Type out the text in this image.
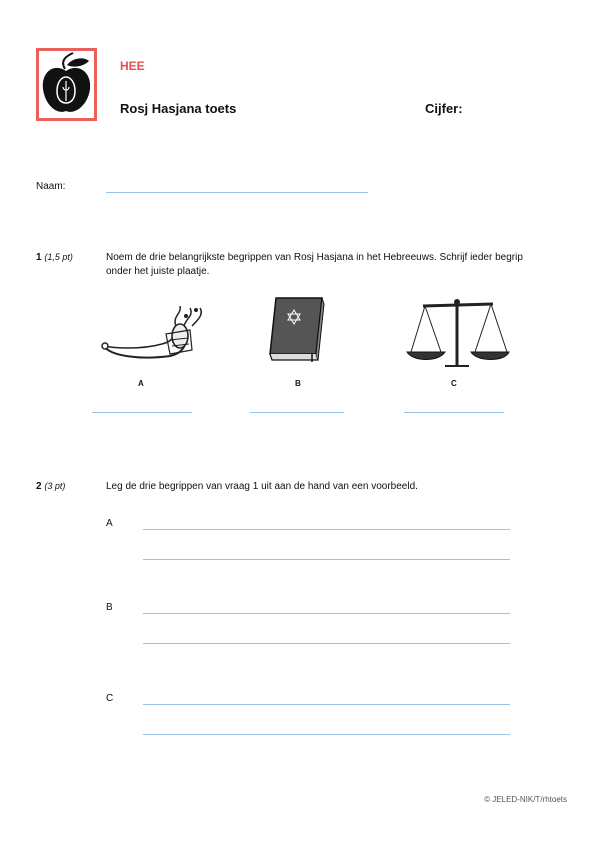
HEE
Rosj Hasjana toets	Cijfer:
Naam:
1 (1,5 pt)	Noem de drie belangrijkste begrippen van Rosj Hasjana in het Hebreeuws. Schrijf ieder begrip onder het juiste plaatje.
A	B	C
2 (3 pt)	Leg de drie begrippen van vraag 1 uit aan de hand van een voorbeeld.
A
B
C
© JELED-NIK/T/rhtoets
